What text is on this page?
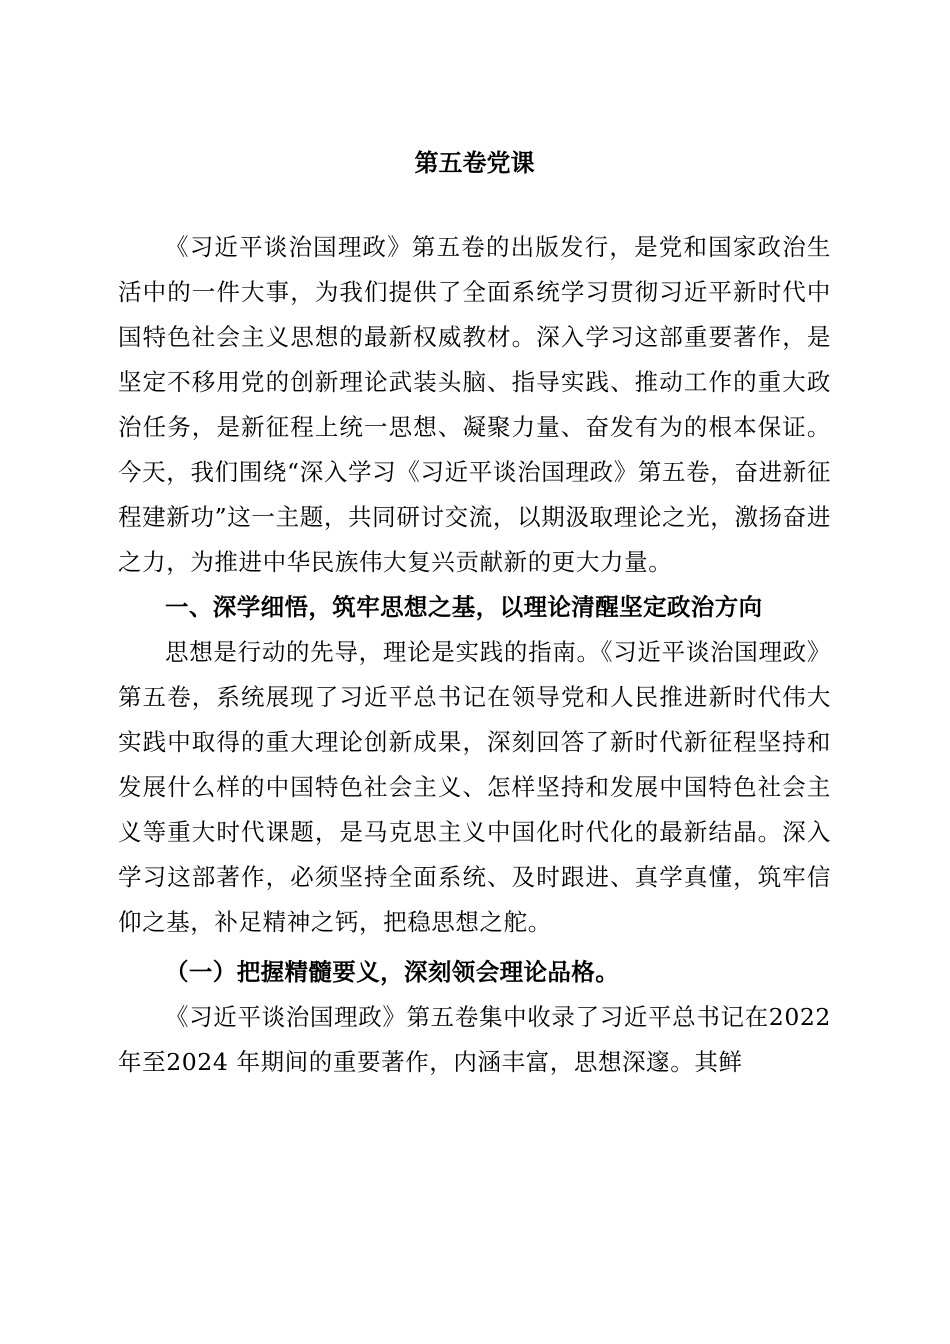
第五卷党课

《习近平谈治国理政》第五卷的出版发行，是党和国家政治生活中的一件大事，为我们提供了全面系统学习贯彻习近平新时代中国特色社会主义思想的最新权威教材。深入学习这部重要著作，是坚定不移用党的创新理论武装头脑、指导实践、推动工作的重大政治任务，是新征程上统一思想、凝聚力量、奋发有为的根本保证。今天，我们围绕“深入学习《习近平谈治国理政》第五卷，奋进新征程建新功”这一主题，共同研讨交流，以期汲取理论之光，激扬奋进之力，为推进中华民族伟大复兴贡献新的更大力量。

一、深学细悟，筑牢思想之基，以理论清醒坚定政治方向

思想是行动的先导，理论是实践的指南。《习近平谈治国理政》第五卷，系统展现了习近平总书记在领导党和人民推进新时代伟大实践中取得的重大理论创新成果，深刻回答了新时代新征程坚持和发展什么样的中国特色社会主义、怎样坚持和发展中国特色社会主义等重大时代课题，是马克思主义中国化时代化的最新结晶。深入学习这部著作，必须坚持全面系统、及时跟进、真学真懂，筑牢信仰之基，补足精神之钙，把稳思想之舵。

（一）把握精髓要义，深刻领会理论品格。

《习近平谈治国理政》第五卷集中收录了习近平总书记在2022 年至2024 年期间的重要著作，内涵丰富，思想深邃。其鲜
